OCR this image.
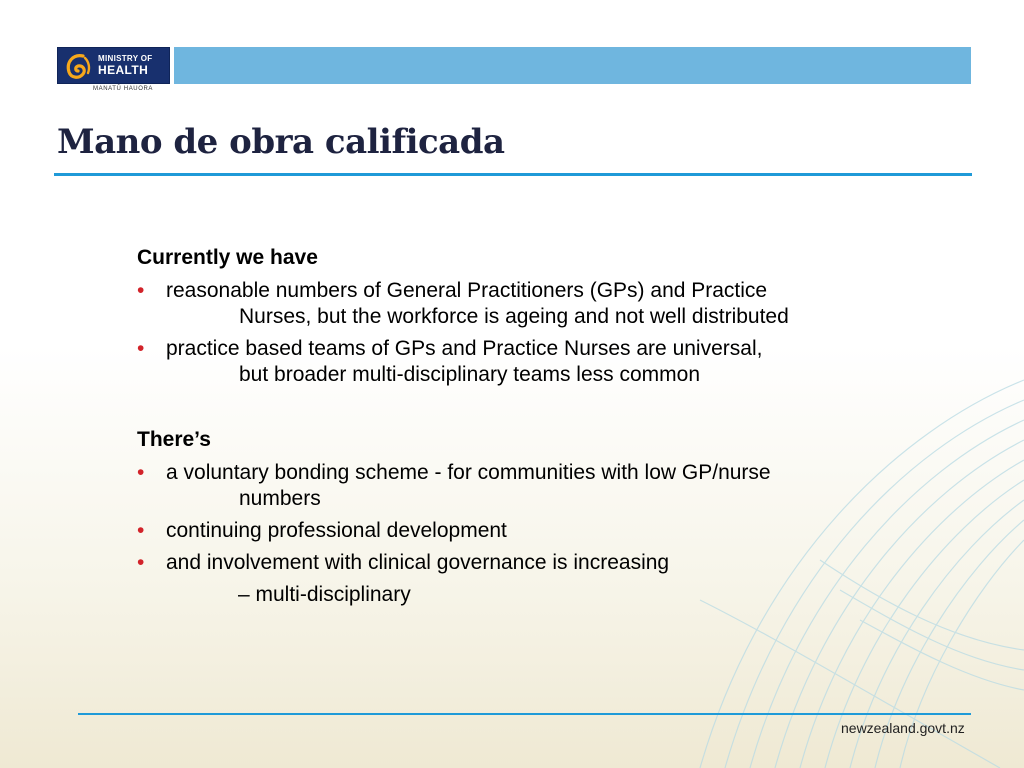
MINISTRY OF
HEALTH
MANATŪ HAUORA
Mano de obra calificada

Currently we have

• reasonable numbers of General Practitioners (GPs) and Practice
Nurses, but the workforce is ageing and not well distributed
• practice based teams of GPs and Practice Nurses are universal,
but broader multi-disciplinary teams less common

There’s

• a voluntary bonding scheme - for communities with low GP/nurse
numbers
• continuing professional development
• and involvement with clinical governance is increasing
– multi-disciplinary
newzealand.govt.nz
